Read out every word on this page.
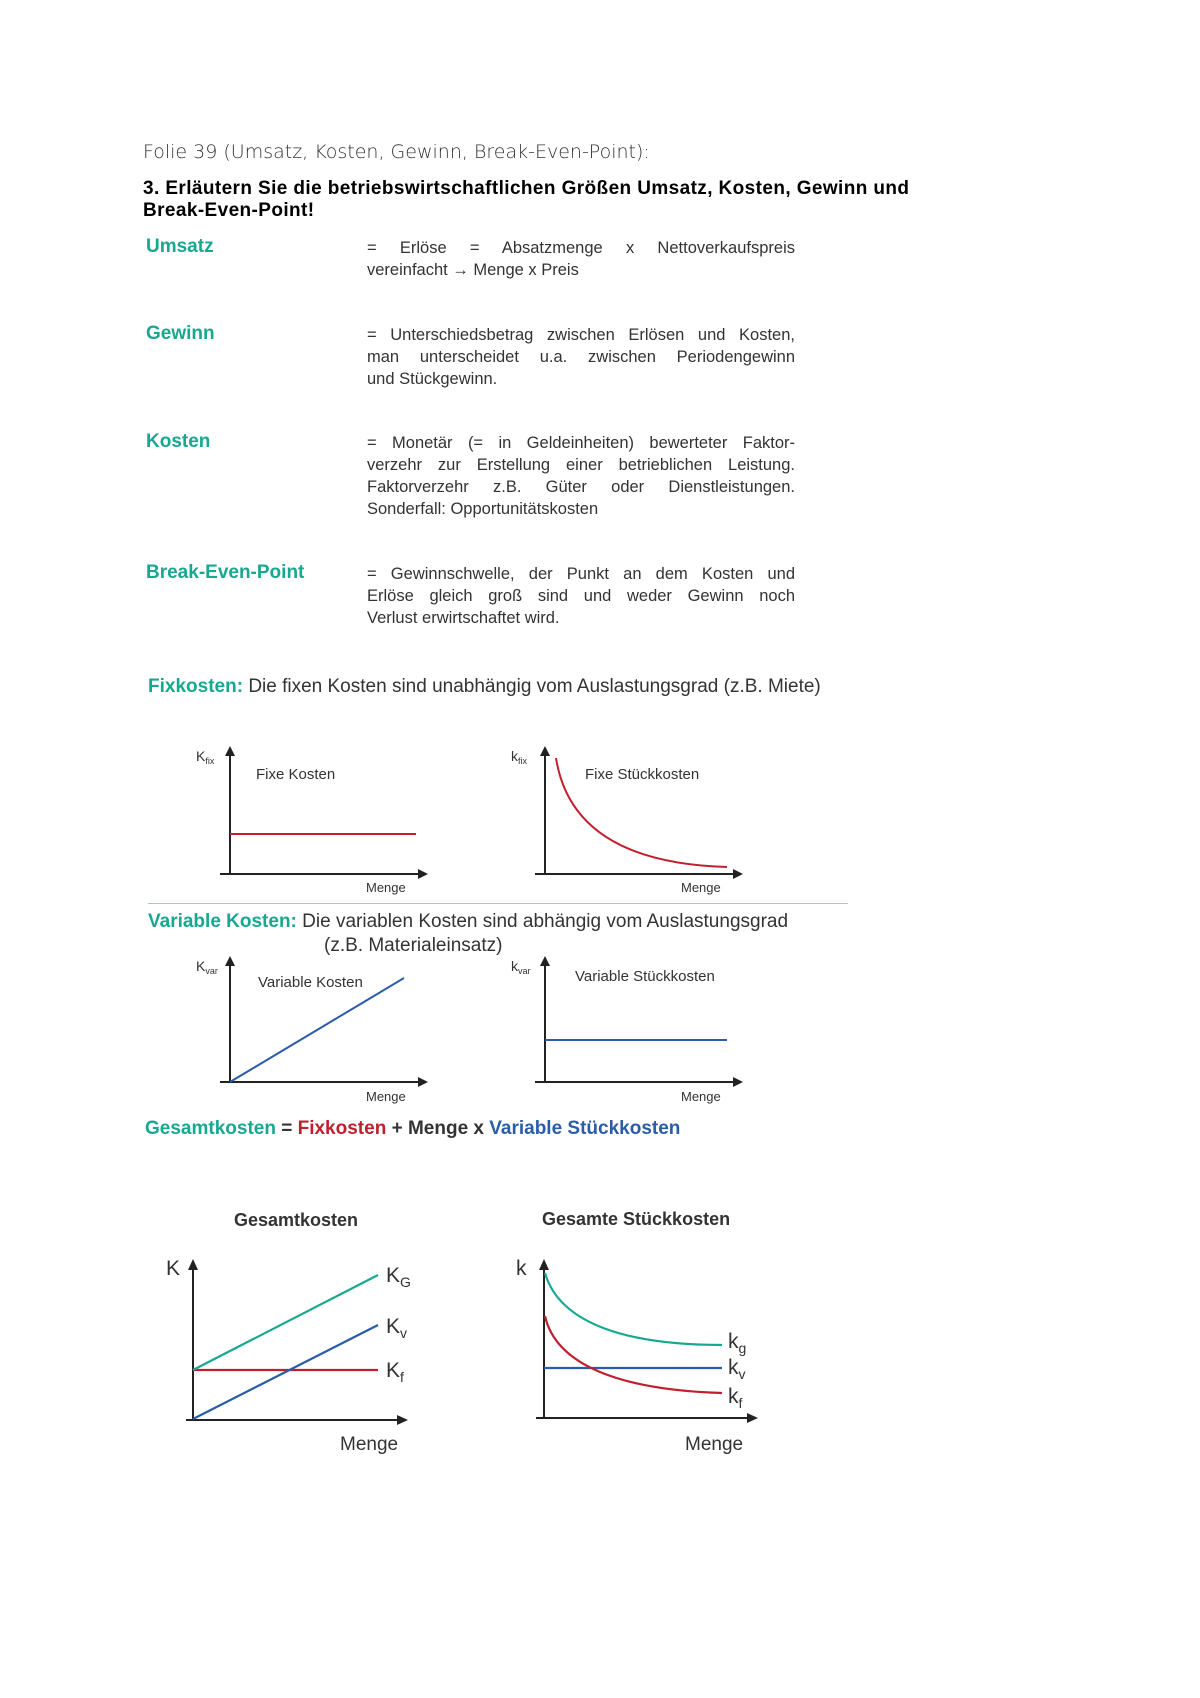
Folie 39 (Umsatz, Kosten, Gewinn, Break-Even-Point):
3. Erläutern Sie die betriebswirtschaftlichen Größen Umsatz, Kosten, Gewinn und
Break-Even-Point!
Umsatz	= Erlöse = Absatzmenge x Nettoverkaufspreis
vereinfacht → Menge x Preis
Gewinn	= Unterschiedsbetrag zwischen Erlösen und Kosten,
man unterscheidet u.a. zwischen Periodengewinn
und Stückgewinn.
Kosten	= Monetär (= in Geldeinheiten) bewerteter Faktor-
verzehr zur Erstellung einer betrieblichen Leistung.
Faktorverzehr z.B. Güter oder Dienstleistungen.
Sonderfall: Opportunitätskosten
Break-Even-Point	= Gewinnschwelle, der Punkt an dem Kosten und
Erlöse gleich groß sind und weder Gewinn noch
Verlust erwirtschaftet wird.
Fixkosten: Die fixen Kosten sind unabhängig vom Auslastungsgrad (z.B. Miete)
$K_{fix}$
Fixe Kosten
Menge
$k_{fix}$
Fixe Stückkosten
Menge
Variable Kosten: Die variablen Kosten sind abhängig vom Auslastungsgrad
(z.B. Materialeinsatz)
$K_{var}$
Variable Kosten
Menge
$k_{var}$	Variable Stückkosten
Menge
Gesamtkosten = Fixkosten + Menge x Variable Stückkosten
Gesamtkosten
K	$K_G$
$K_v$
$K_f$
Menge
Gesamte Stückkosten
k
$k_g$
$k_v$
$k_f$
Menge
